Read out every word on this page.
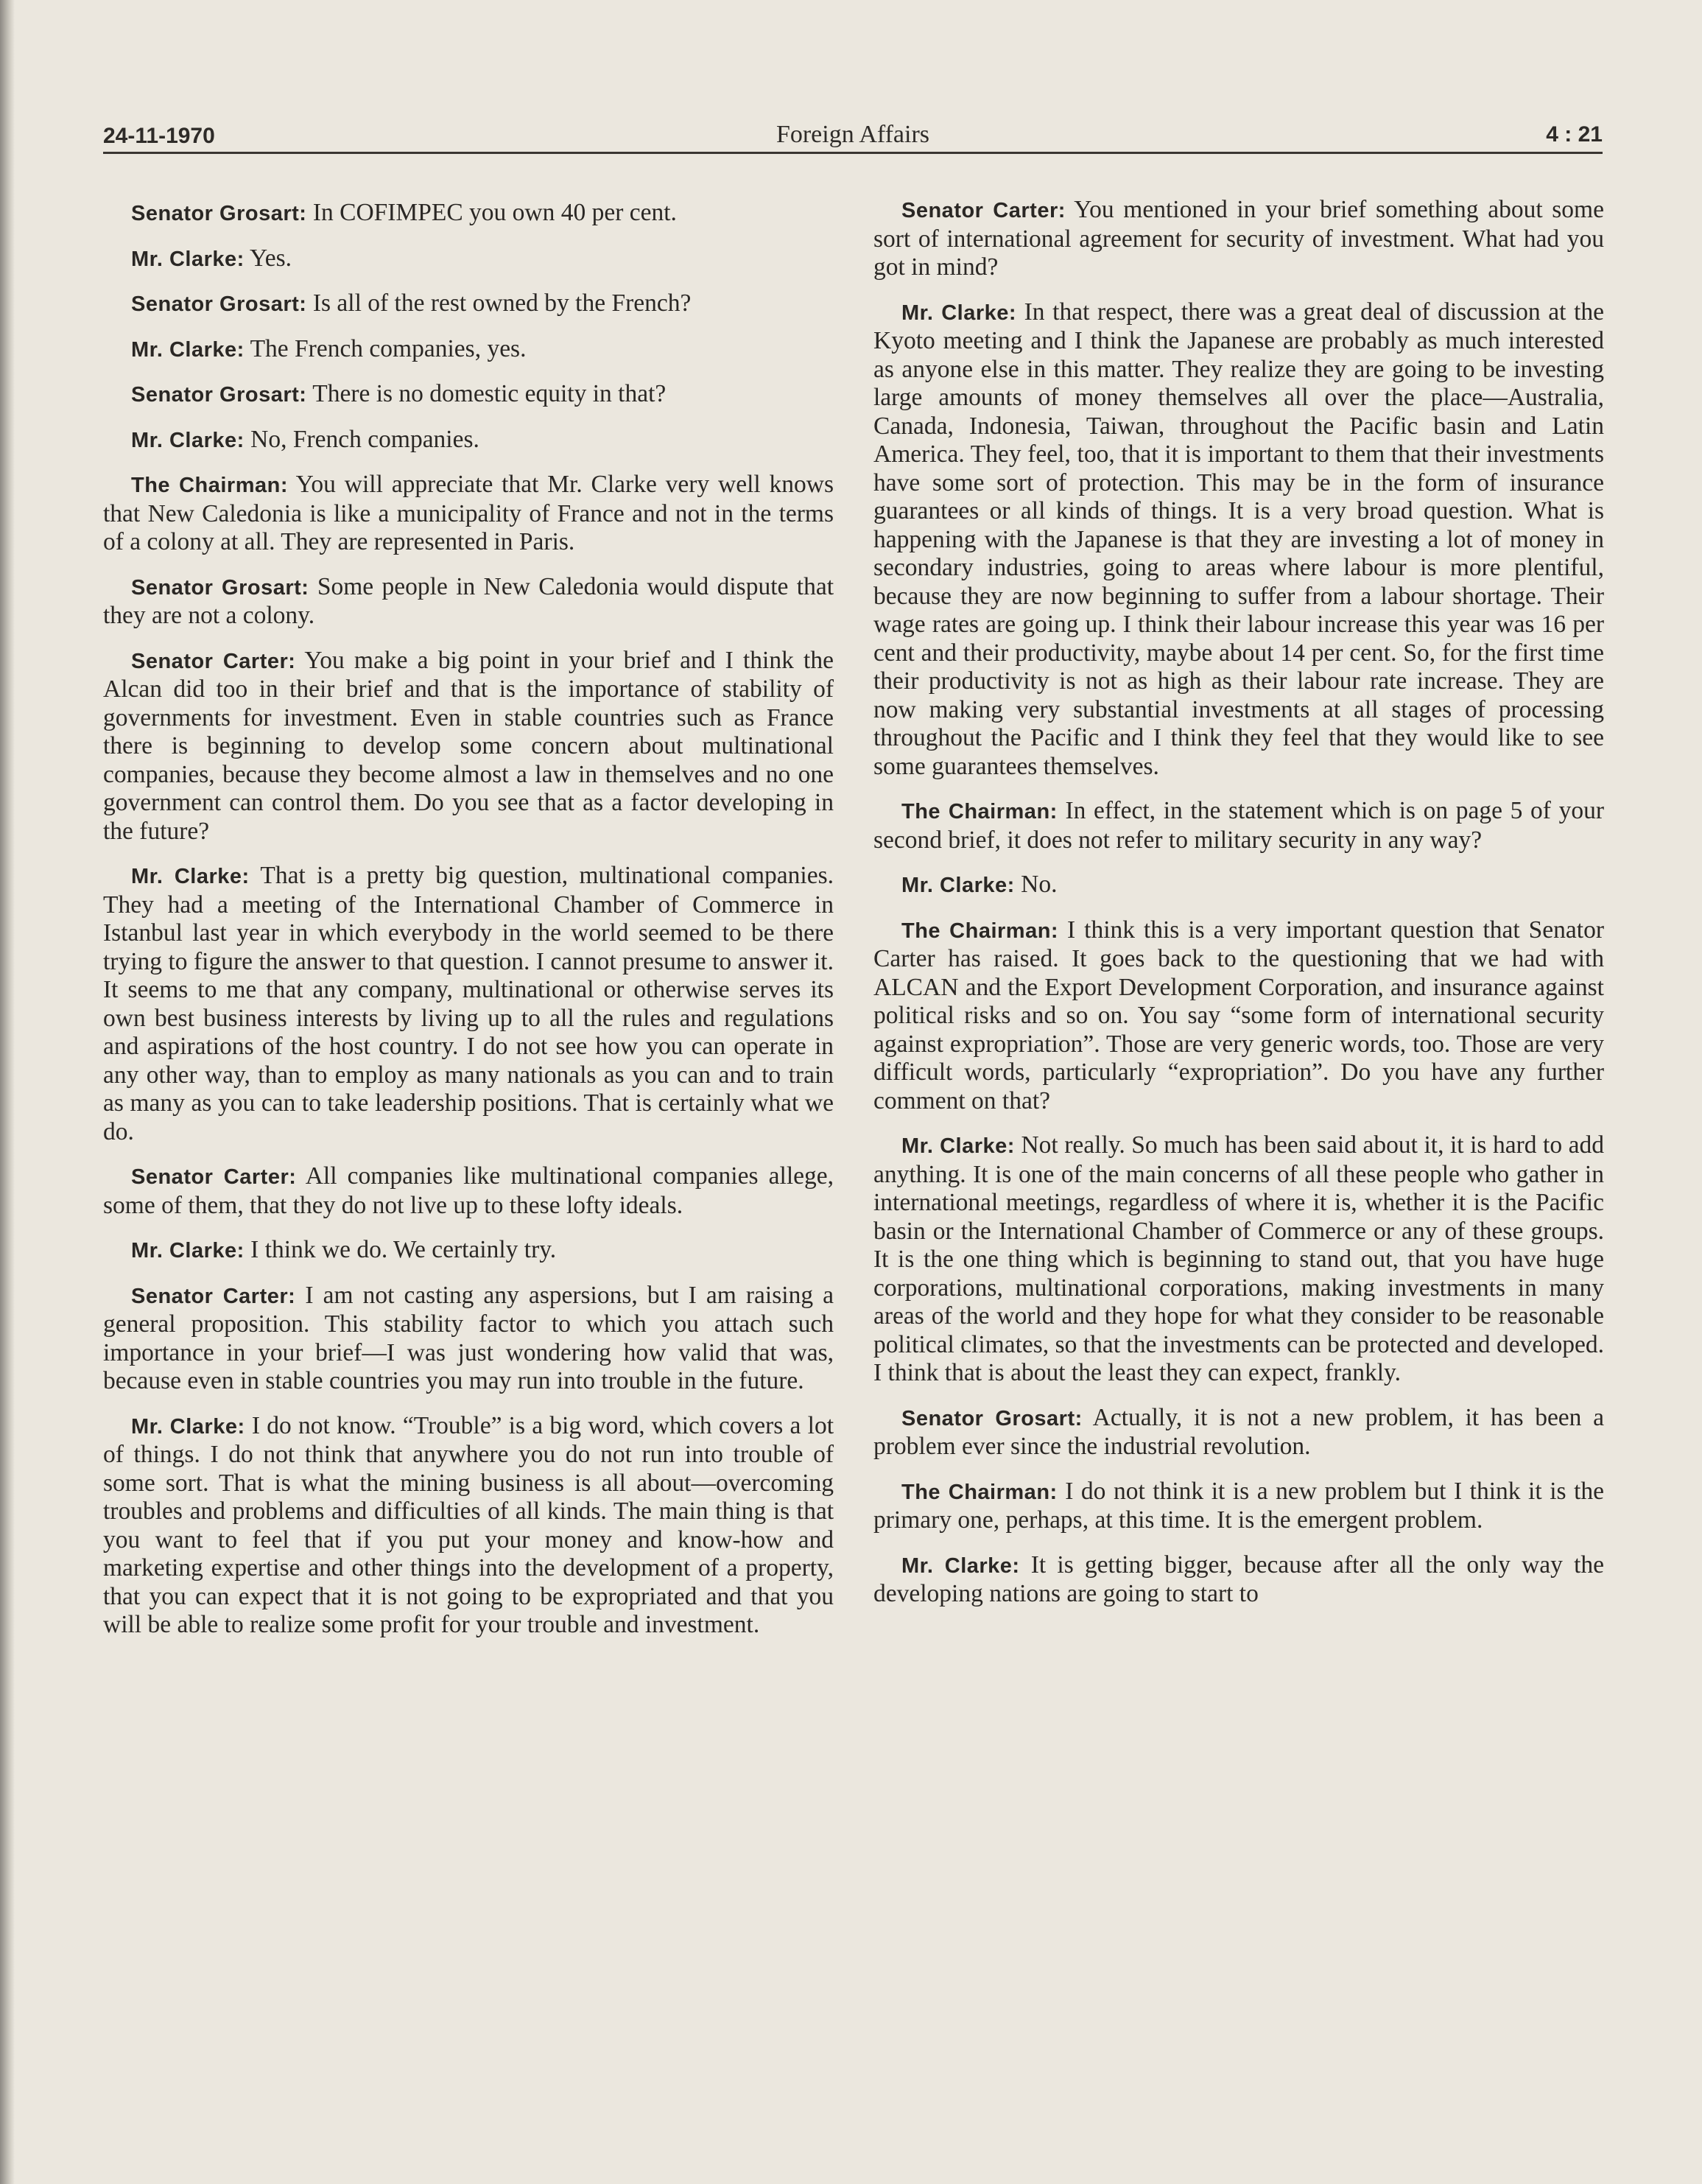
24-11-1970	Foreign Affairs	4 : 21

Senator Grosart: In COFIMPEC you own 40 per cent.

Mr. Clarke: Yes.

Senator Grosart: Is all of the rest owned by the French?

Mr. Clarke: The French companies, yes.

Senator Grosart: There is no domestic equity in that?

Mr. Clarke: No, French companies.

The Chairman: You will appreciate that Mr. Clarke very well knows that New Caledonia is like a municipality of France and not in the terms of a colony at all. They are represented in Paris.

Senator Grosart: Some people in New Caledonia would dispute that they are not a colony.

Senator Carter: You make a big point in your brief and I think the Alcan did too in their brief and that is the importance of stability of governments for investment. Even in stable countries such as France there is beginning to develop some concern about multinational companies, because they become almost a law in themselves and no one government can control them. Do you see that as a factor developing in the future?

Mr. Clarke: That is a pretty big question, multinational companies. They had a meeting of the International Chamber of Commerce in Istanbul last year in which everybody in the world seemed to be there trying to figure the answer to that question. I cannot presume to answer it. It seems to me that any company, multinational or otherwise serves its own best business interests by living up to all the rules and regulations and aspirations of the host country. I do not see how you can operate in any other way, than to employ as many nationals as you can and to train as many as you can to take leadership positions. That is certainly what we do.

Senator Carter: All companies like multinational companies allege, some of them, that they do not live up to these lofty ideals.

Mr. Clarke: I think we do. We certainly try.

Senator Carter: I am not casting any aspersions, but I am raising a general proposition. This stability factor to which you attach such importance in your brief—I was just wondering how valid that was, because even in stable countries you may run into trouble in the future.

Mr. Clarke: I do not know. “Trouble” is a big word, which covers a lot of things. I do not think that anywhere you do not run into trouble of some sort. That is what the mining business is all about—overcoming troubles and problems and difficulties of all kinds. The main thing is that you want to feel that if you put your money and know-how and marketing expertise and other things into the development of a property, that you can expect that it is not going to be expropriated and that you will be able to realize some profit for your trouble and investment.

Senator Carter: You mentioned in your brief something about some sort of international agreement for security of investment. What had you got in mind?

Mr. Clarke: In that respect, there was a great deal of discussion at the Kyoto meeting and I think the Japanese are probably as much interested as anyone else in this matter. They realize they are going to be investing large amounts of money themselves all over the place—Australia, Canada, Indonesia, Taiwan, throughout the Pacific basin and Latin America. They feel, too, that it is important to them that their investments have some sort of protection. This may be in the form of insurance guarantees or all kinds of things. It is a very broad question. What is happening with the Japanese is that they are investing a lot of money in secondary industries, going to areas where labour is more plentiful, because they are now beginning to suffer from a labour shortage. Their wage rates are going up. I think their labour increase this year was 16 per cent and their productivity, maybe about 14 per cent. So, for the first time their productivity is not as high as their labour rate increase. They are now making very substantial investments at all stages of processing throughout the Pacific and I think they feel that they would like to see some guarantees themselves.

The Chairman: In effect, in the statement which is on page 5 of your second brief, it does not refer to military security in any way?

Mr. Clarke: No.

The Chairman: I think this is a very important question that Senator Carter has raised. It goes back to the questioning that we had with ALCAN and the Export Development Corporation, and insurance against political risks and so on. You say “some form of international security against expropriation”. Those are very generic words, too. Those are very difficult words, particularly “expropriation”. Do you have any further comment on that?

Mr. Clarke: Not really. So much has been said about it, it is hard to add anything. It is one of the main concerns of all these people who gather in international meetings, regardless of where it is, whether it is the Pacific basin or the International Chamber of Commerce or any of these groups. It is the one thing which is beginning to stand out, that you have huge corporations, multinational corporations, making investments in many areas of the world and they hope for what they consider to be reasonable political climates, so that the investments can be protected and developed. I think that is about the least they can expect, frankly.

Senator Grosart: Actually, it is not a new problem, it has been a problem ever since the industrial revolution.

The Chairman: I do not think it is a new problem but I think it is the primary one, perhaps, at this time. It is the emergent problem.

Mr. Clarke: It is getting bigger, because after all the only way the developing nations are going to start to
